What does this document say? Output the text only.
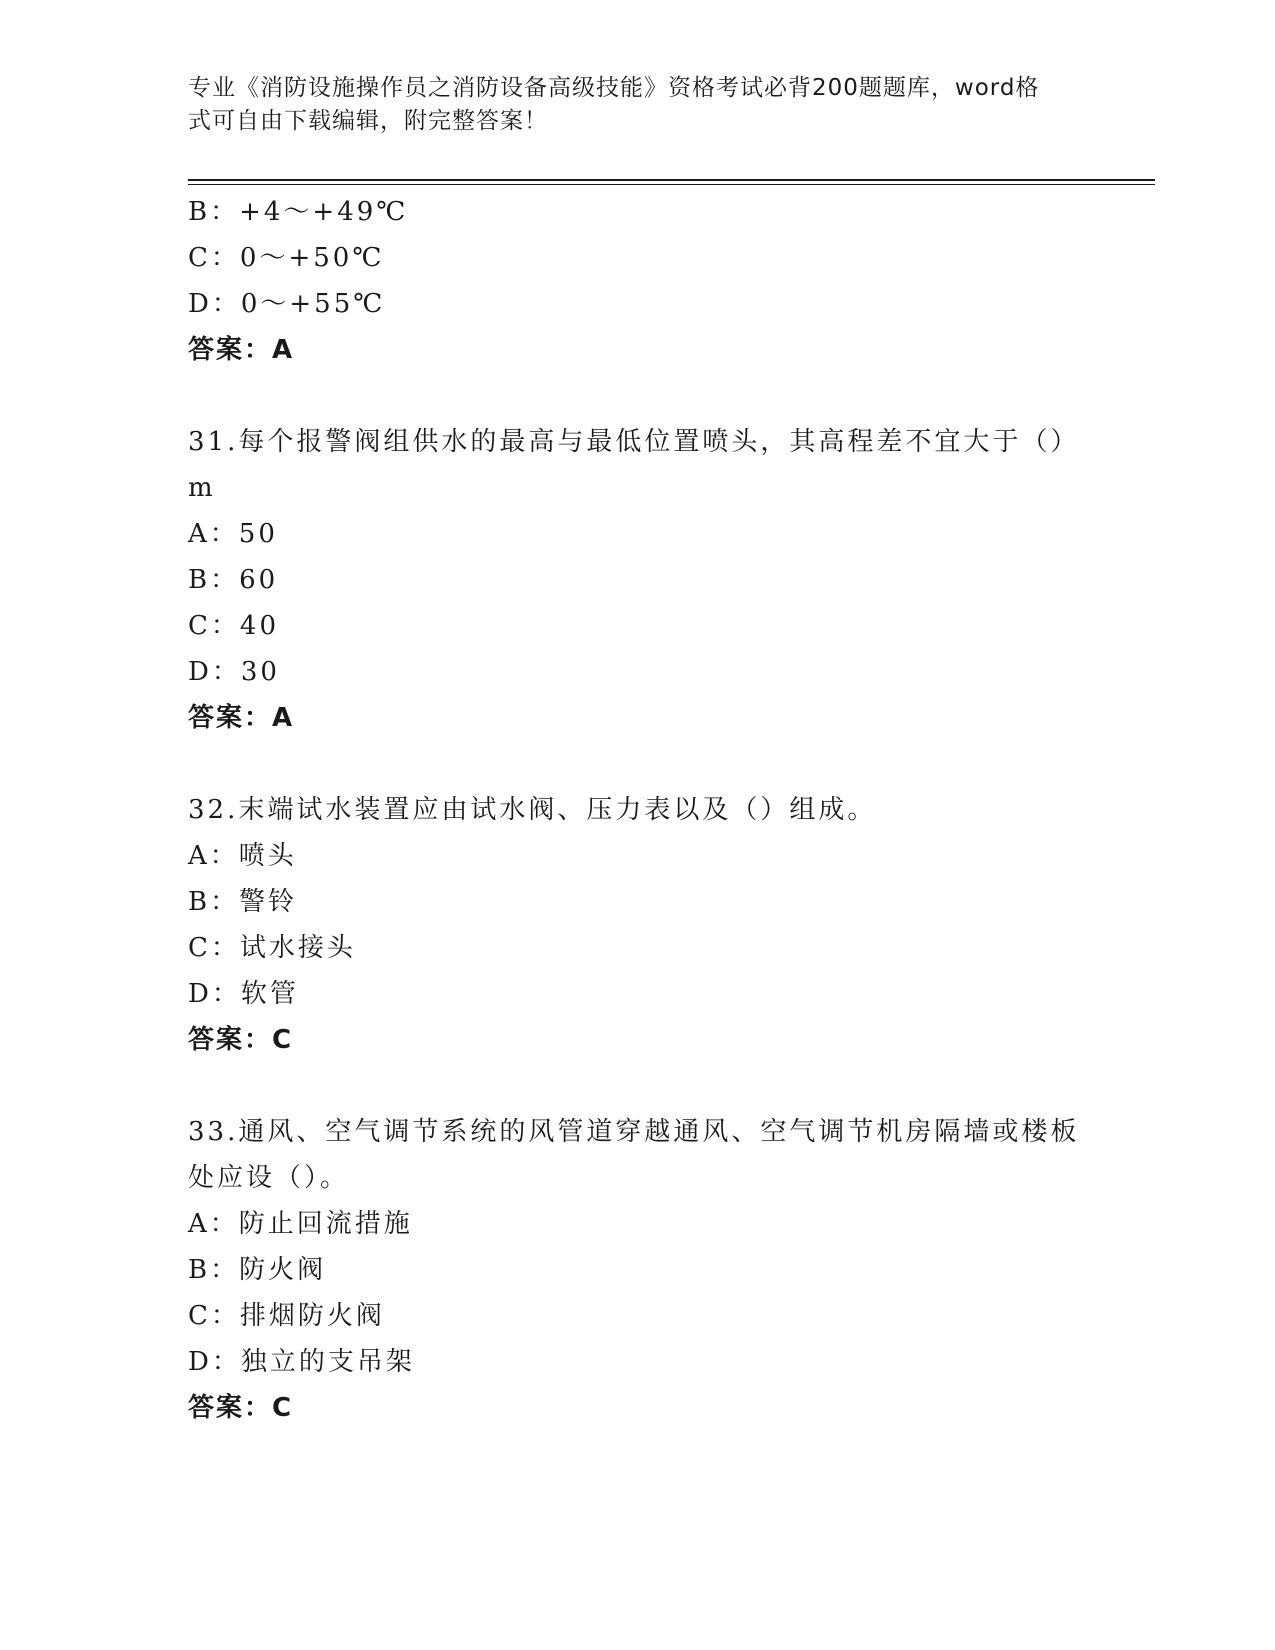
专业《消防设施操作员之消防设备高级技能》资格考试必背200题题库，word格
式可自由下载编辑，附完整答案！
B：+4～+49℃
C：0～+50℃
D：0～+55℃
答案：A
31.每个报警阀组供水的最高与最低位置喷头，其高程差不宜大于（）
m
A：50
B：60
C：40
D：30
答案：A
32.末端试水装置应由试水阀、压力表以及（）组成。
A：喷头
B：警铃
C：试水接头
D：软管
答案：C
33.通风、空气调节系统的风管道穿越通风、空气调节机房隔墙或楼板
处应设（）。
A：防止回流措施
B：防火阀
C：排烟防火阀
D：独立的支吊架
答案：C
